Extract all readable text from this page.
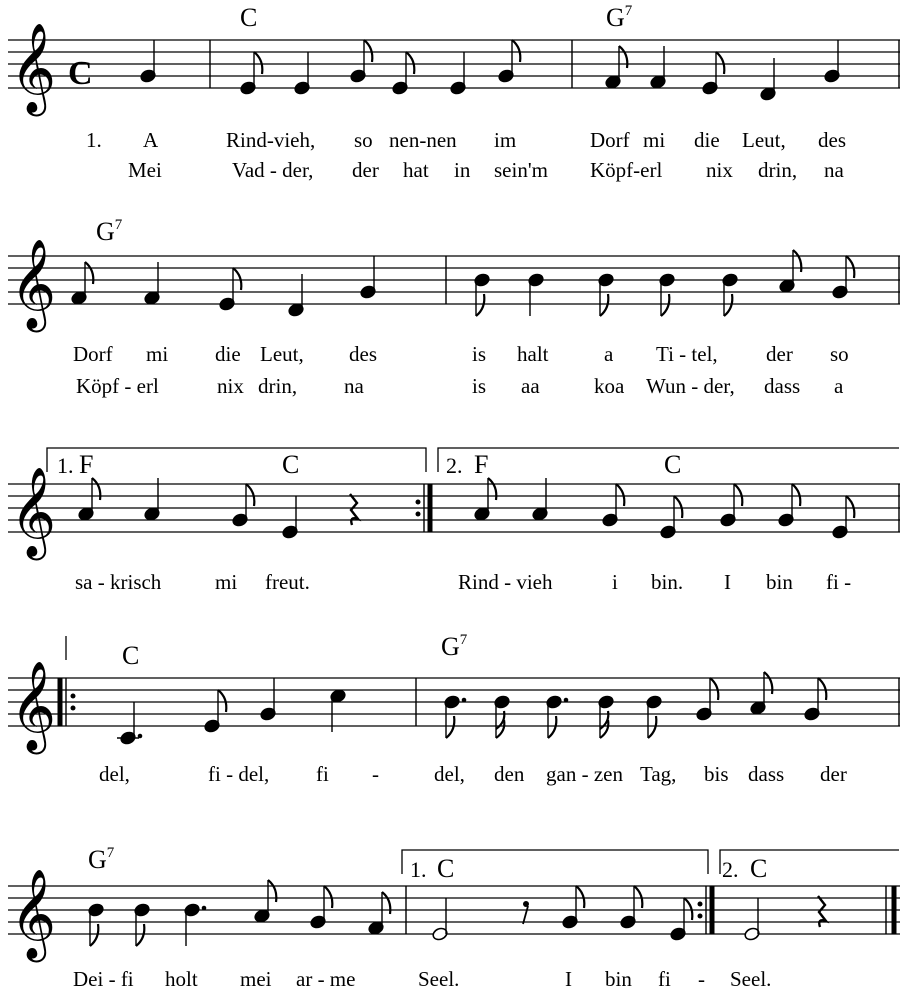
𝄞
𝄞
𝄞
𝄞
𝄞
C
C	$G^7$
1. A	Rind-vieh, so nen-nen im	Dorf mi die Leut, des
Mei	Vad - der, der hat in sein'm Köpf-erl nix drin, na
$G^7$
Dorf mi die Leut, des	is halt	a Ti - tel, der so
Köpf - erl	nix drin, na	is aa	koa Wun - der, dass a
1. F	C	2. F	C
sa - krisch	mi freut.	Rind - vieh	i bin. I bin fi -
C	$G^7$
del,	fi - del, fi -	del, den gan - zen Tag, bis dass der
$G^7$
1. C	2. C
Dei - fi holt mei ar - me	Seel.	I bin fi - Seel.
